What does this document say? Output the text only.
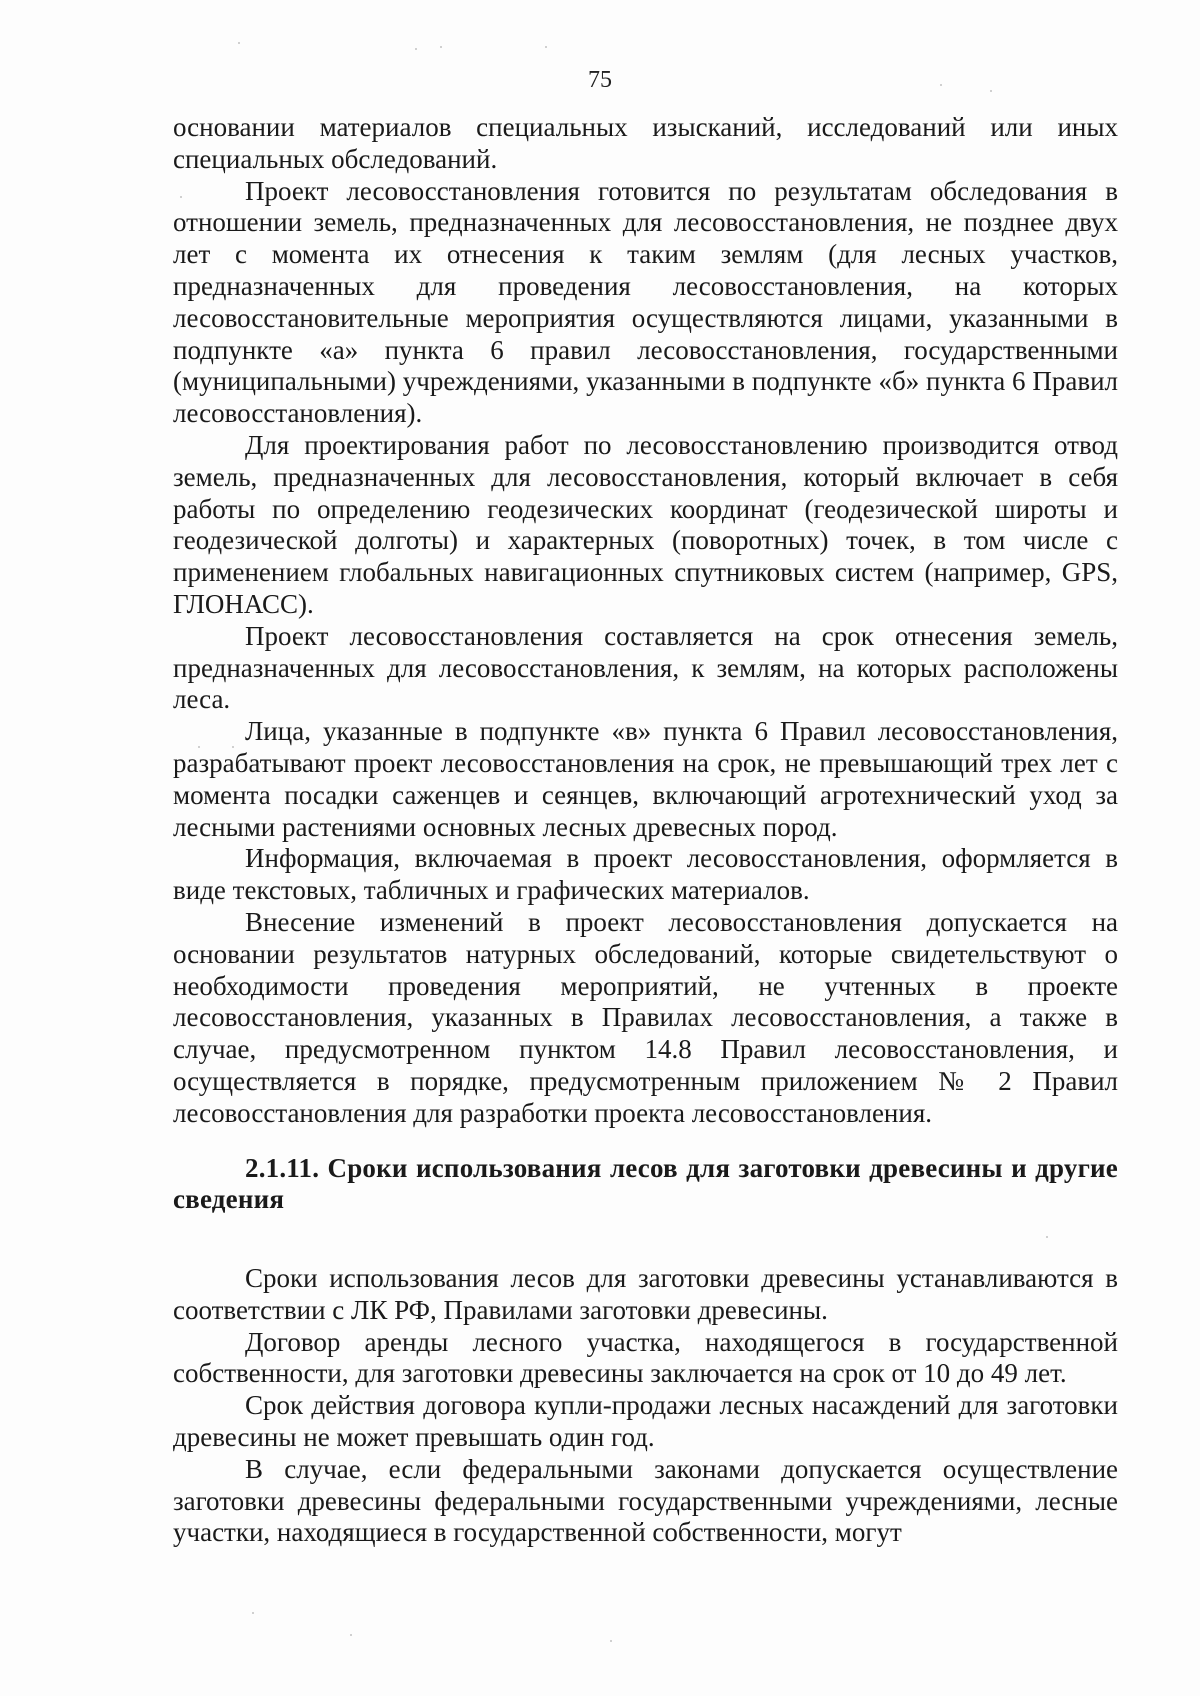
75

основании материалов специальных изысканий, исследований или иных специальных обследований.

Проект лесовосстановления готовится по результатам обследования в отношении земель, предназначенных для лесовосстановления, не позднее двух лет с момента их отнесения к таким землям (для лесных участков, предназначенных для проведения лесовосстановления, на которых лесовосстановительные мероприятия осуществляются лицами, указанными в подпункте «а» пункта 6 правил лесовосстановления, государственными (муниципальными) учреждениями, указанными в подпункте «б» пункта 6 Правил лесовосстановления).

Для проектирования работ по лесовосстановлению производится отвод земель, предназначенных для лесовосстановления, который включает в себя работы по определению геодезических координат (геодезической широты и геодезической долготы) и характерных (поворотных) точек, в том числе с применением глобальных навигационных спутниковых систем (например, GPS, ГЛОНАСС).

Проект лесовосстановления составляется на срок отнесения земель, предназначенных для лесовосстановления, к землям, на которых расположены леса.

Лица, указанные в подпункте «в» пункта 6 Правил лесовосстановления, разрабатывают проект лесовосстановления на срок, не превышающий трех лет с момента посадки саженцев и сеянцев, включающий агротехнический уход за лесными растениями основных лесных древесных пород.

Информация, включаемая в проект лесовосстановления, оформляется в виде текстовых, табличных и графических материалов.

Внесение изменений в проект лесовосстановления допускается на основании результатов натурных обследований, которые свидетельствуют о необходимости проведения мероприятий, не учтенных в проекте лесовосстановления, указанных в Правилах лесовосстановления, а также в случае, предусмотренном пунктом 14.8 Правил лесовосстановления, и осуществляется в порядке, предусмотренным приложением № 2 Правил лесовосстановления для разработки проекта лесовосстановления.

2.1.11. Сроки использования лесов для заготовки древесины и другие сведения

Сроки использования лесов для заготовки древесины устанавливаются в соответствии с ЛК РФ, Правилами заготовки древесины.

Договор аренды лесного участка, находящегося в государственной собственности, для заготовки древесины заключается на срок от 10 до 49 лет.

Срок действия договора купли-продажи лесных насаждений для заготовки древесины не может превышать один год.

В случае, если федеральными законами допускается осуществление заготовки древесины федеральными государственными учреждениями, лесные участки, находящиеся в государственной собственности, могут
